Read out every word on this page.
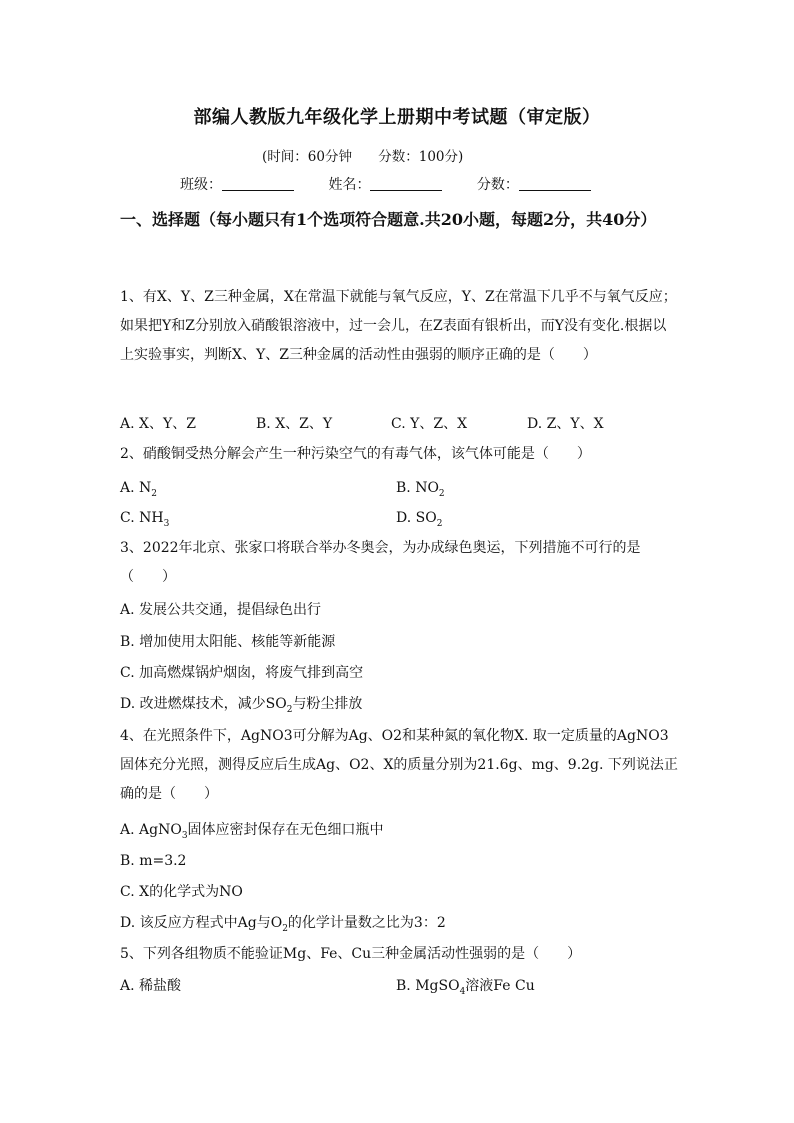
部编人教版九年级化学上册期中考试题（审定版）
(时间：60分钟 分数：100分)
班级：	姓名：	分数：
一、选择题（每小题只有1个选项符合题意.共20小题，每题2分，共40分）
1、有X、Y、Z三种金属，X在常温下就能与氧气反应，Y、Z在常温下几乎不与氧气反应；如果把Y和Z分别放入硝酸银溶液中，过一会儿，在Z表面有银析出，而Y没有变化.根据以上实验事实，判断X、Y、Z三种金属的活动性由强弱的顺序正确的是（　　）
A. X、Y、Z	B. X、Z、Y	C. Y、Z、X	D. Z、Y、X
2、硝酸铜受热分解会产生一种污染空气的有毒气体，该气体可能是（　　）
A. $N_2$	B. $NO_2$
C. $NH_3$	D. $SO_2$
3、2022年北京、张家口将联合举办冬奥会，为办成绿色奥运，下列措施不可行的是（　　）
A. 发展公共交通，提倡绿色出行
B. 增加使用太阳能、核能等新能源
C. 加高燃煤锅炉烟囱，将废气排到高空
D. 改进燃煤技术，减少$SO_2$与粉尘排放
4、在光照条件下，AgNO3可分解为Ag、O2和某种氮的氧化物X. 取一定质量的AgNO3固体充分光照，测得反应后生成Ag、O2、X的质量分别为21.6g、mg、9.2g. 下列说法正确的是（　　）
A. AgNO$_3$固体应密封保存在无色细口瓶中
B. m=3.2
C. X的化学式为NO
D. 该反应方程式中Ag与$O_2$的化学计量数之比为3：2
5、下列各组物质不能验证Mg、Fe、Cu三种金属活动性强弱的是（　　）
A. 稀盐酸	B. MgSO$_4$溶液Fe Cu
